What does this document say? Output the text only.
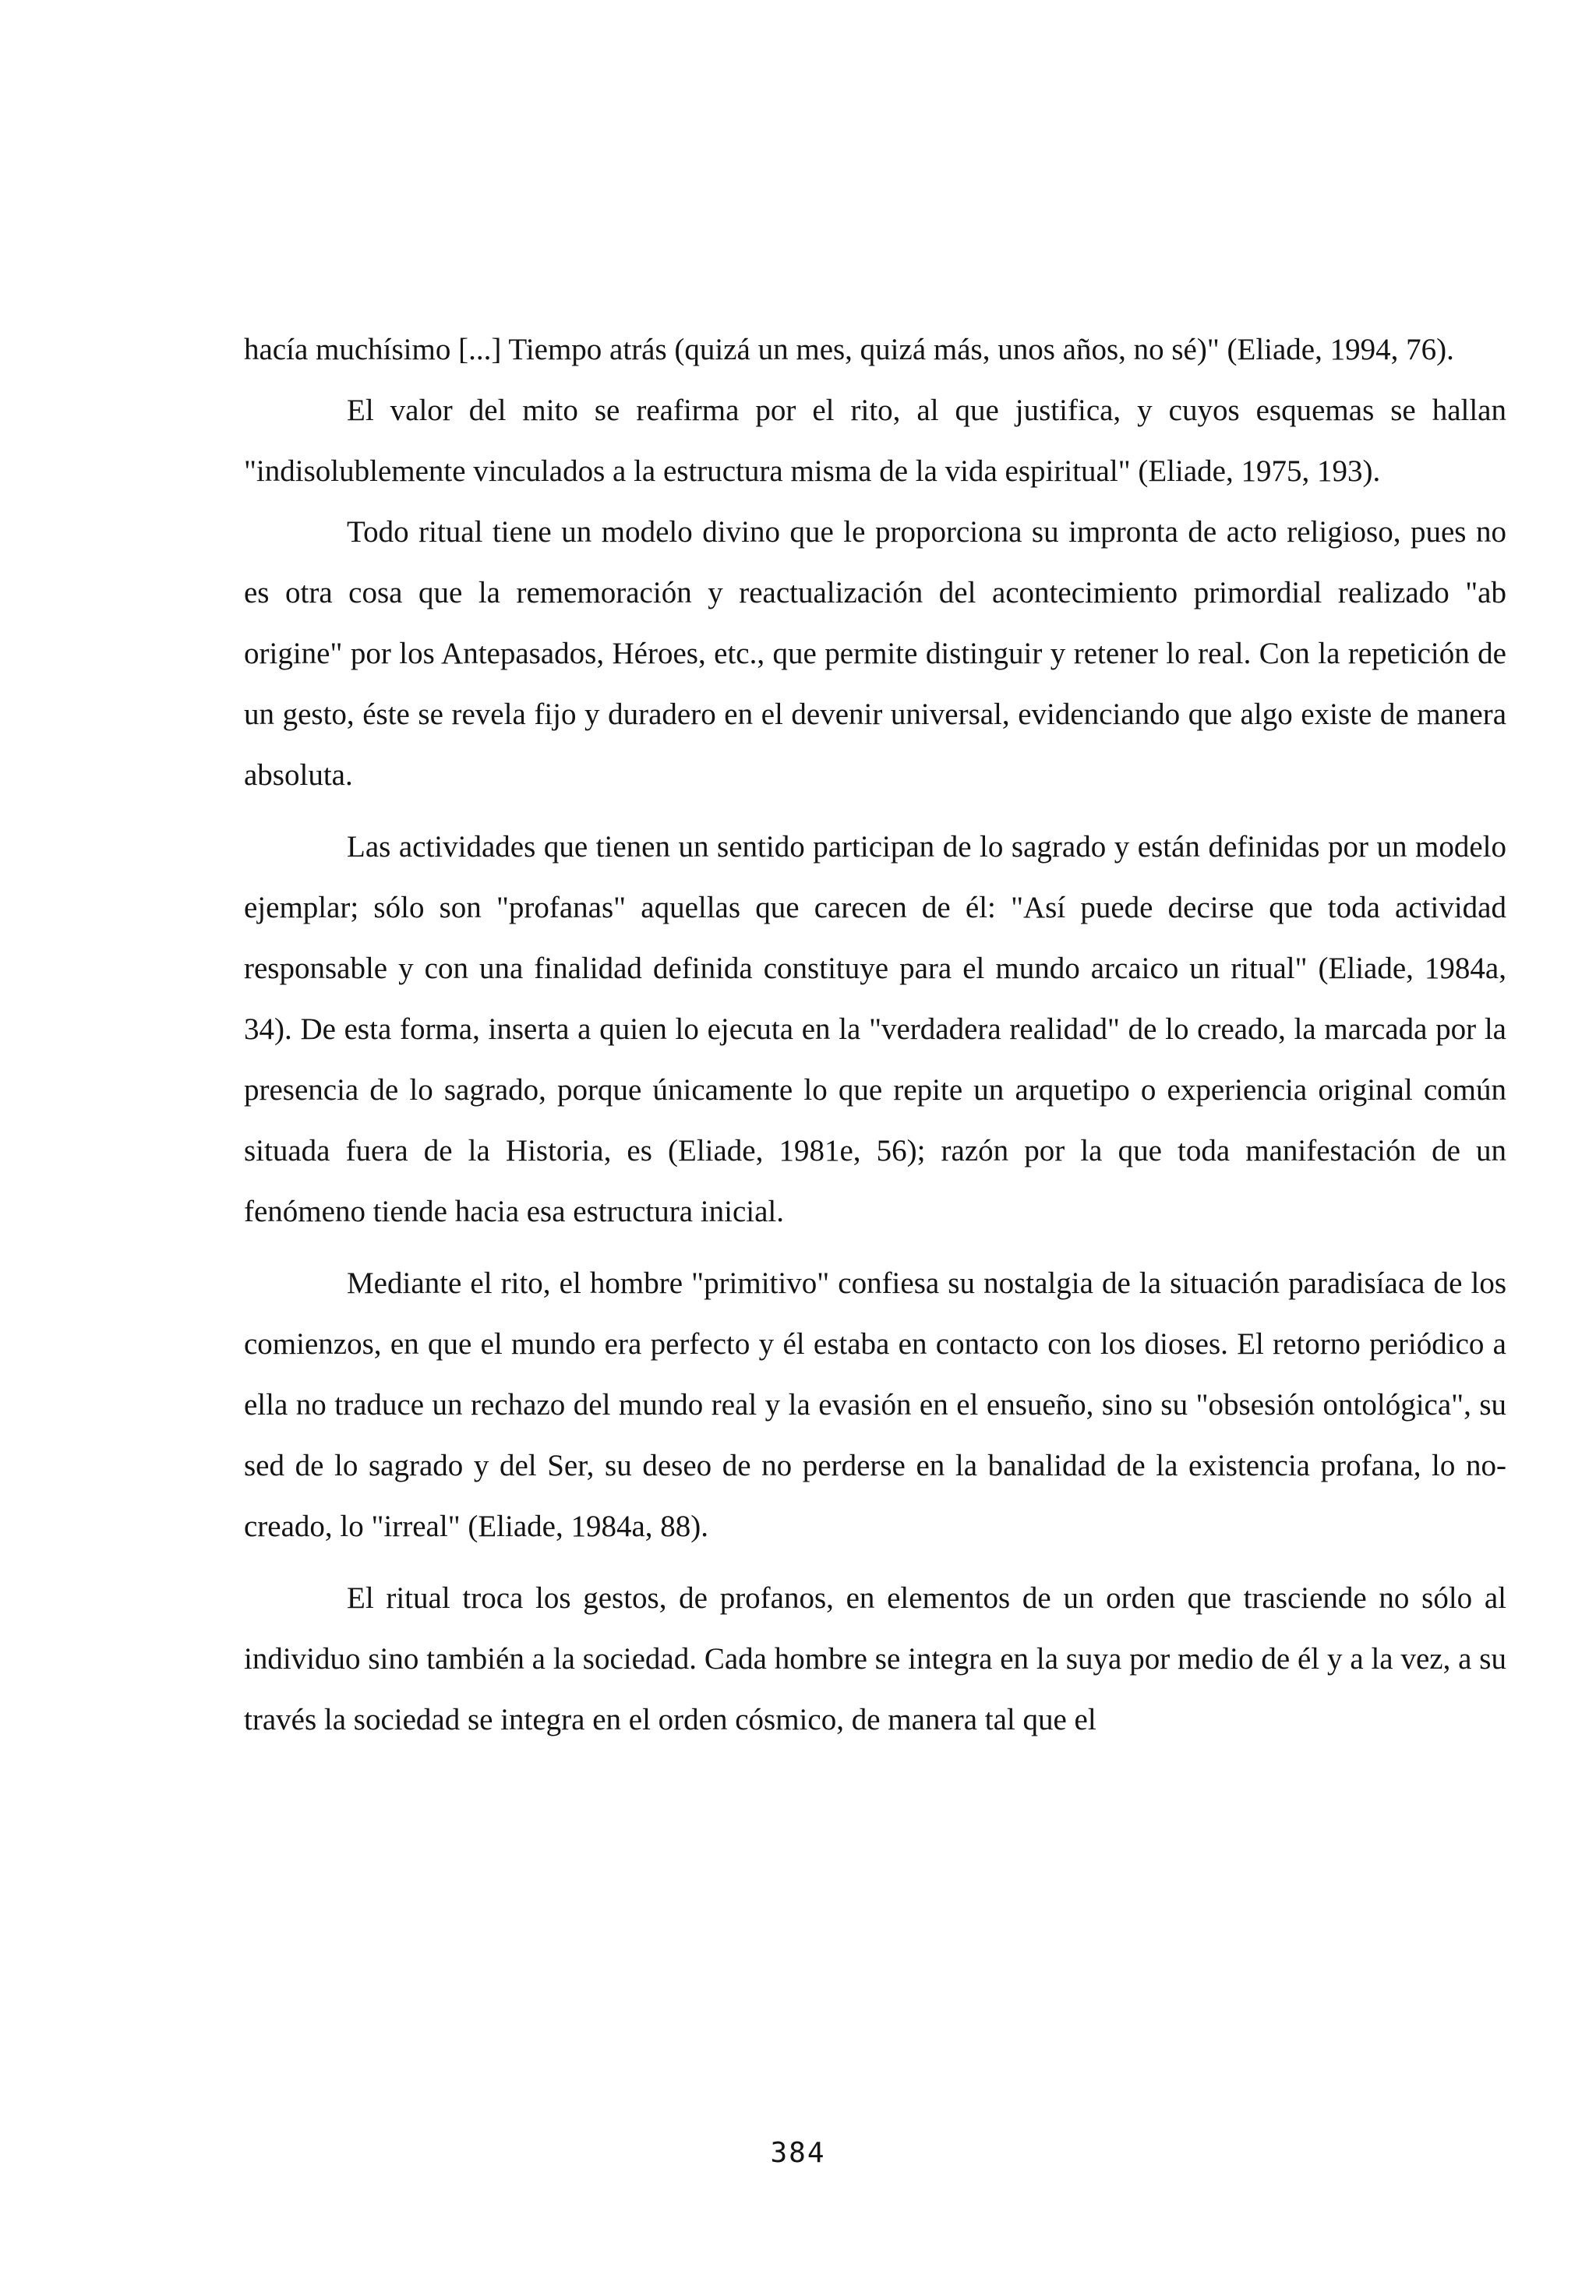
hacía muchísimo [...] Tiempo atrás (quizá un mes, quizá más, unos años, no sé)" (Eliade, 1994, 76).

El valor del mito se reafirma por el rito, al que justifica, y cuyos esquemas se hallan "indisolublemente vinculados a la estructura misma de la vida espiritual" (Eliade, 1975, 193).

Todo ritual tiene un modelo divino que le proporciona su impronta de acto religioso, pues no es otra cosa que la rememoración y reactualización del acontecimiento primordial realizado "ab origine" por los Antepasados, Héroes, etc., que permite distinguir y retener lo real. Con la repetición de un gesto, éste se revela fijo y duradero en el devenir universal, evidenciando que algo existe de manera absoluta.

Las actividades que tienen un sentido participan de lo sagrado y están definidas por un modelo ejemplar; sólo son "profanas" aquellas que carecen de él: "Así puede decirse que toda actividad responsable y con una finalidad definida constituye para el mundo arcaico un ritual" (Eliade, 1984a, 34). De esta forma, inserta a quien lo ejecuta en la "verdadera realidad" de lo creado, la marcada por la presencia de lo sagrado, porque únicamente lo que repite un arquetipo o experiencia original común situada fuera de la Historia, es (Eliade, 1981e, 56); razón por la que toda manifestación de un fenómeno tiende hacia esa estructura inicial.

Mediante el rito, el hombre "primitivo" confiesa su nostalgia de la situación paradisíaca de los comienzos, en que el mundo era perfecto y él estaba en contacto con los dioses. El retorno periódico a ella no traduce un rechazo del mundo real y la evasión en el ensueño, sino su "obsesión ontológica", su sed de lo sagrado y del Ser, su deseo de no perderse en la banalidad de la existencia profana, lo no-creado, lo "irreal" (Eliade, 1984a, 88).

El ritual troca los gestos, de profanos, en elementos de un orden que trasciende no sólo al individuo sino también a la sociedad. Cada hombre se integra en la suya por medio de él y a la vez, a su través la sociedad se integra en el orden cósmico, de manera tal que el

384
